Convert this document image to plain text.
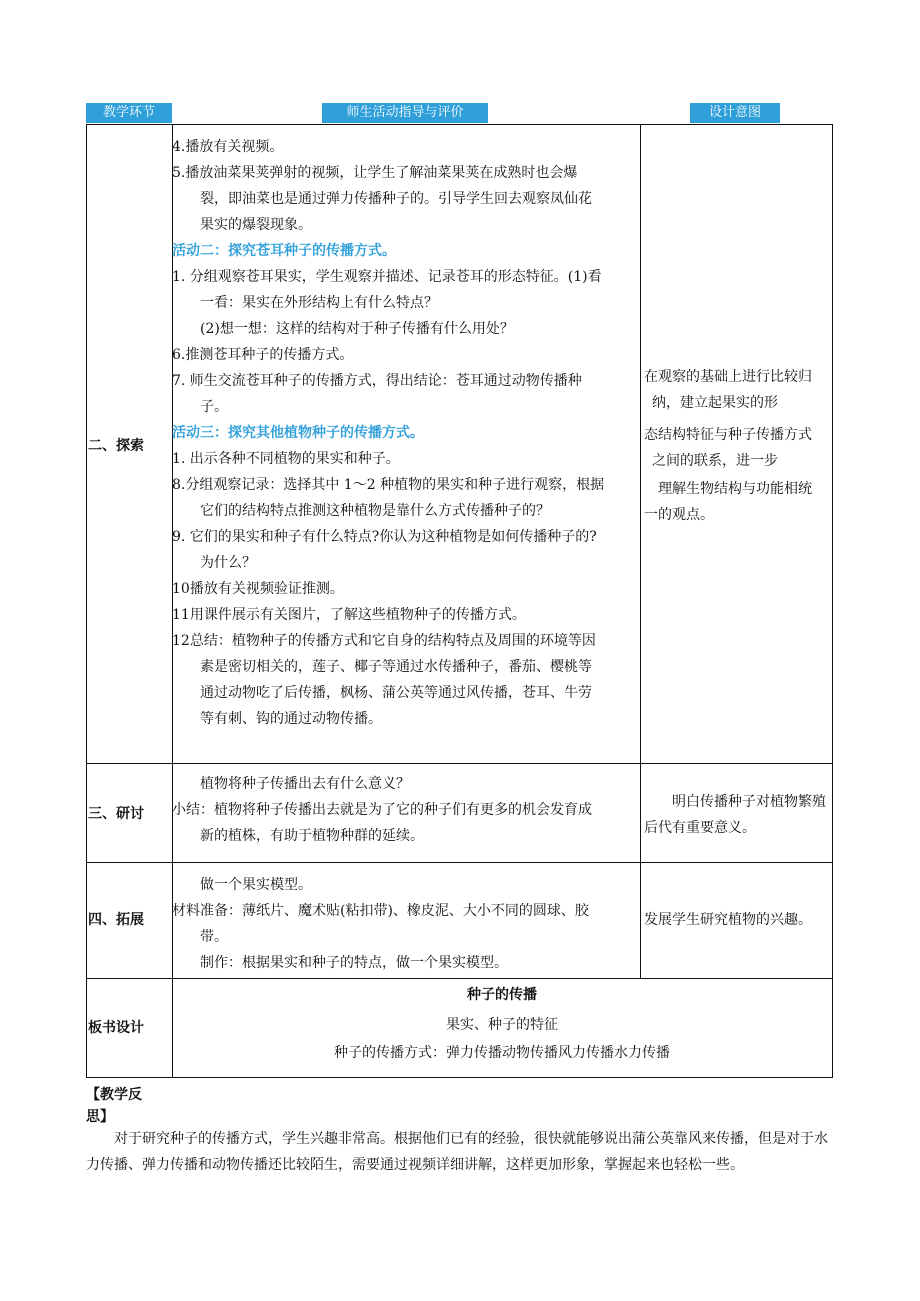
教学环节	师生活动指导与评价	设计意图
二、探索

4.播放有关视频。

5.播放油菜果荚弹射的视频，让学生了解油菜果荚在成熟时也会爆

裂，即油菜也是通过弹力传播种子的。引导学生回去观察凤仙花

果实的爆裂现象。

活动二：探究苍耳种子的传播方式。

1. 分组观察苍耳果实，学生观察并描述、记录苍耳的形态特征。(1)看

一看：果实在外形结构上有什么特点？

(2)想一想：这样的结构对于种子传播有什么用处？

6.推测苍耳种子的传播方式。

7. 师生交流苍耳种子的传播方式，得出结论：苍耳通过动物传播种

子。

活动三：探究其他植物种子的传播方式。

1. 出示各种不同植物的果实和种子。

8.分组观察记录：选择其中 1～2 种植物的果实和种子进行观察，根据

它们的结构特点推测这种植物是靠什么方式传播种子的？

9. 它们的果实和种子有什么特点?你认为这种植物是如何传播种子的?

为什么？

10播放有关视频验证推测。

11用课件展示有关图片，了解这些植物种子的传播方式。

12总结：植物种子的传播方式和它自身的结构特点及周围的环境等因

素是密切相关的，莲子、椰子等通过水传播种子，番茄、樱桃等

通过动物吃了后传播，枫杨、蒲公英等通过风传播，苍耳、牛劳

等有刺、钩的通过动物传播。

在观察的基础上进行比较归

纳，建立起果实的形

态结构特征与种子传播方式

之间的联系，进一步

理解生物结构与功能相统

一的观点。

三、研讨

植物将种子传播出去有什么意义？

小结：植物将种子传播出去就是为了它的种子们有更多的机会发育成

新的植株，有助于植物种群的延续。

明白传播种子对植物繁殖

后代有重要意义。

四、拓展

做一个果实模型。

材料准备：薄纸片、魔术贴(粘扣带)、橡皮泥、大小不同的圆球、胶

带。

制作：根据果实和种子的特点，做一个果实模型。

发展学生研究植物的兴趣。

板书设计
种子的传播
果实、种子的特征
种子的传播方式：弹力传播动物传播风力传播水力传播
【教学反
思】

对于研究种子的传播方式，学生兴趣非常高。根据他们已有的经验，很快就能够说出蒲公英靠风来传播，但是对于水力传播、弹力传播和动物传播还比较陌生，需要通过视频详细讲解，这样更加形象，掌握起来也轻松一些。
